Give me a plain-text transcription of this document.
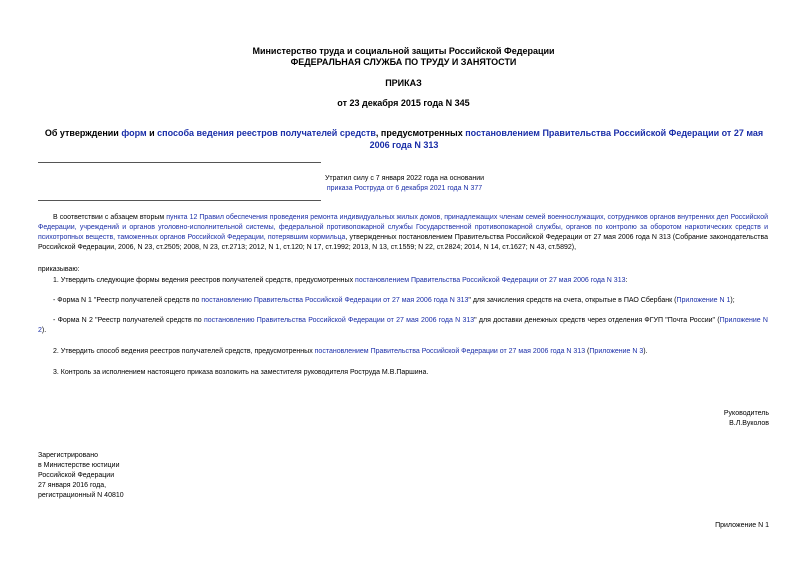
Министерство труда и социальной защиты Российской Федерации
ФЕДЕРАЛЬНАЯ СЛУЖБА ПО ТРУДУ И ЗАНЯТОСТИ
ПРИКАЗ
от 23 декабря 2015 года N 345
Об утверждении форм и способа ведения реестров получателей средств, предусмотренных постановлением Правительства Российской Федерации от 27 мая 2006 года N 313
Утратил силу с 7 января 2022 года на основании
приказа Роструда от 6 декабря 2021 года N 377
В соответствии с абзацем вторым пункта 12 Правил обеспечения проведения ремонта индивидуальных жилых домов, принадлежащих членам семей военнослужащих, сотрудников органов внутренних дел Российской Федерации, учреждений и органов уголовно-исполнительной системы, федеральной противопожарной службы Государственной противопожарной службы, органов по контролю за оборотом наркотических средств и психотропных веществ, таможенных органов Российской Федерации, потерявшим кормильца, утвержденных постановлением Правительства Российской Федерации от 27 мая 2006 года N 313 (Собрание законодательства Российской Федерации, 2006, N 23, ст.2505; 2008, N 23, ст.2713; 2012, N 1, ст.120; N 17, ст.1992; 2013, N 13, ст.1559; N 22, ст.2824; 2014, N 14, ст.1627; N 43, ст.5892),
приказываю:
1. Утвердить следующие формы ведения реестров получателей средств, предусмотренных постановлением Правительства Российской Федерации от 27 мая 2006 года N 313:
- Форма N 1 "Реестр получателей средств по постановлению Правительства Российской Федерации от 27 мая 2006 года N 313" для зачисления средств на счета, открытые в ПАО Сбербанк (Приложение N 1);
- Форма N 2 "Реестр получателей средств по постановлению Правительства Российской Федерации от 27 мая 2006 года N 313" для доставки денежных средств через отделения ФГУП "Почта России" (Приложение N 2).
2. Утвердить способ ведения реестров получателей средств, предусмотренных постановлением Правительства Российской Федерации от 27 мая 2006 года N 313 (Приложение N 3).
3. Контроль за исполнением настоящего приказа возложить на заместителя руководителя Роструда М.В.Паршина.
Руководитель
В.Л.Вуколов
Зарегистрировано
в Министерстве юстиции
Российской Федерации
27 января 2016 года,
регистрационный N 40810
Приложение N 1
